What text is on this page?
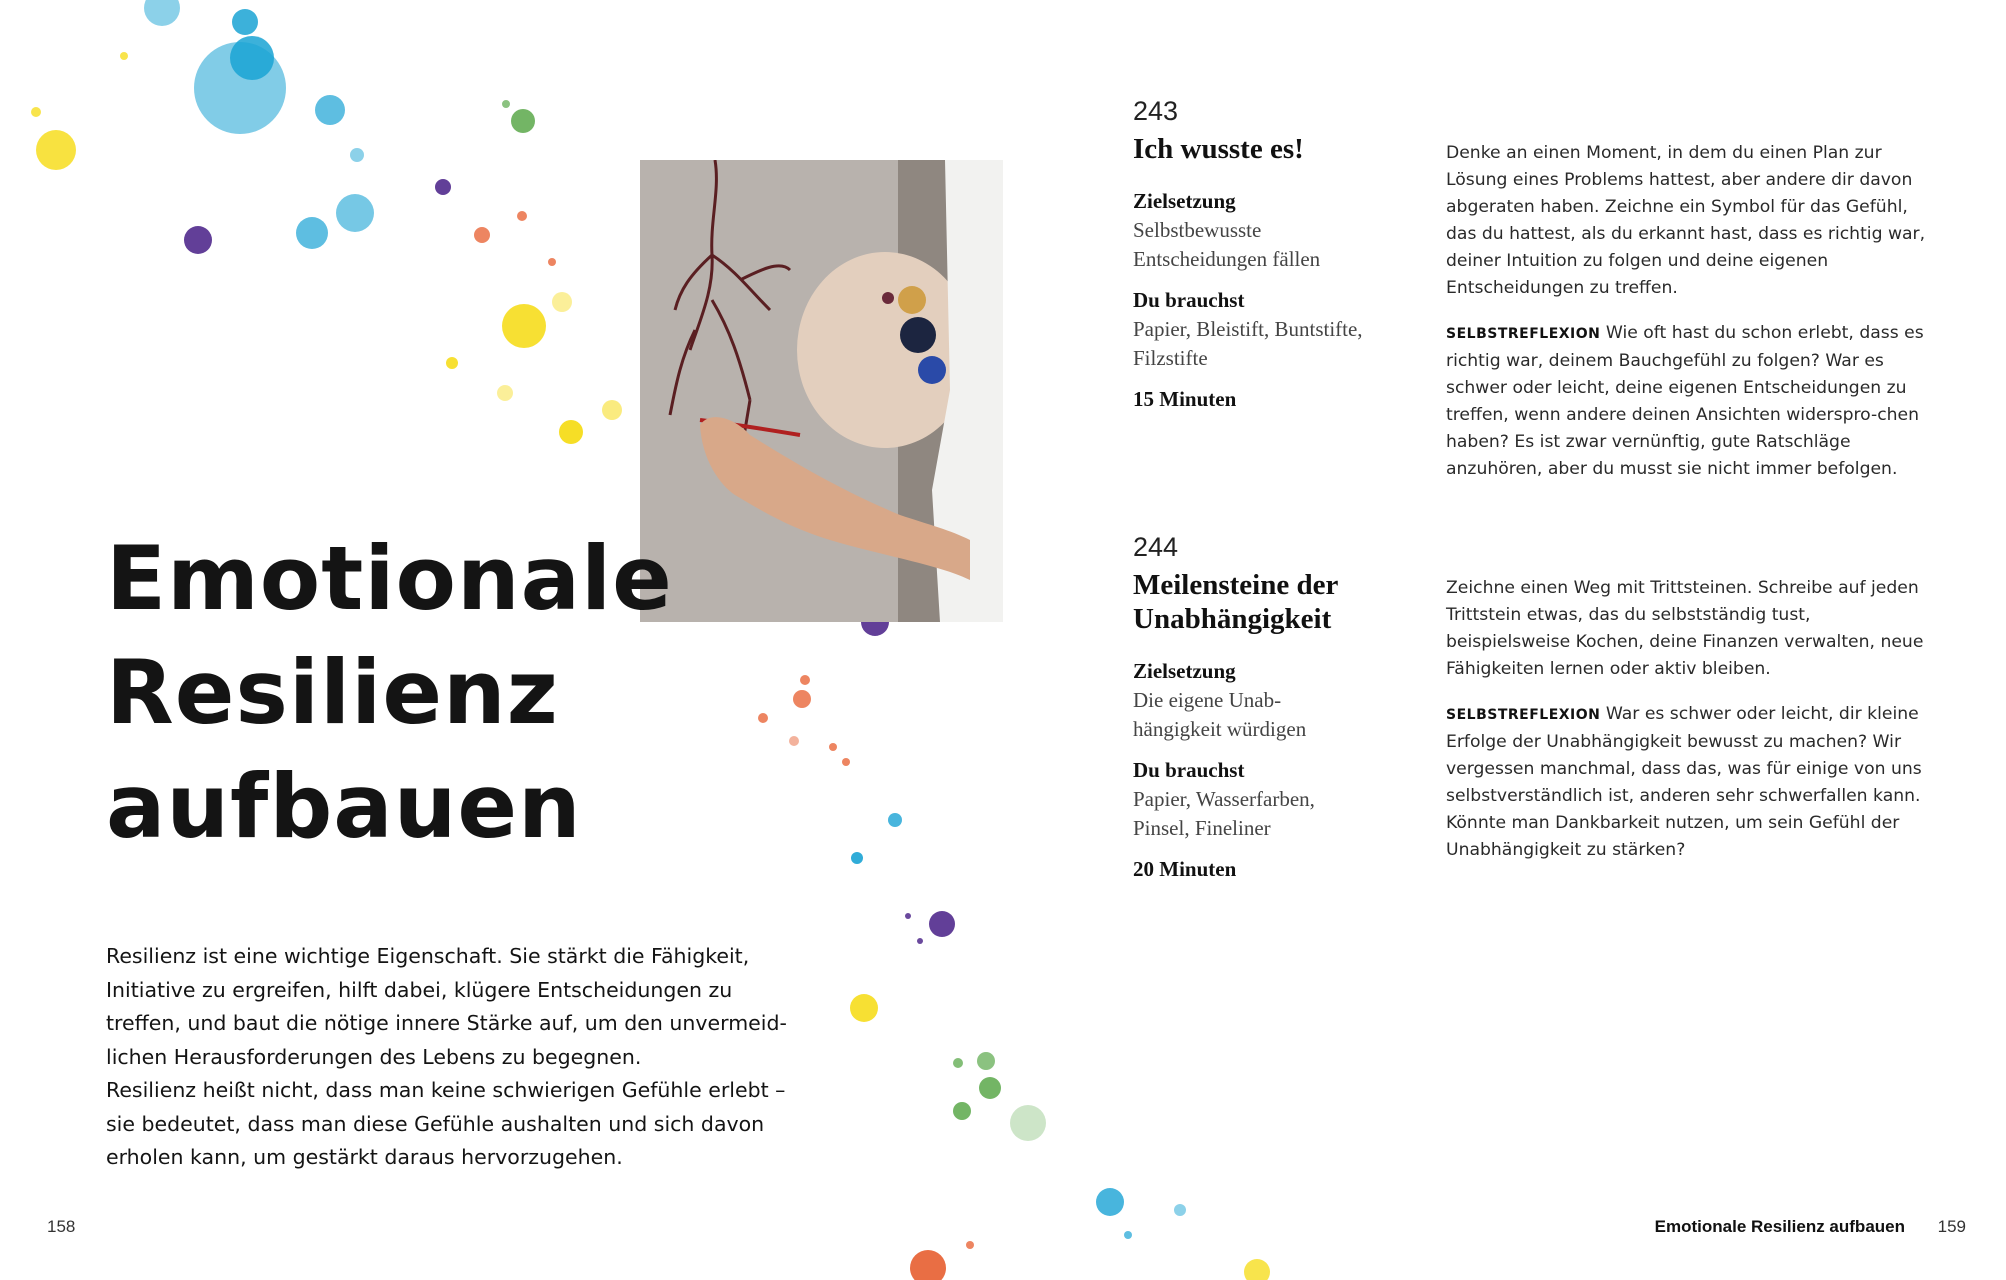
Emotionale
Resilienz
aufbauen

Resilienz ist eine wichtige Eigenschaft. Sie stärkt die Fähigkeit, Initiative zu ergreifen, hilft dabei, klügere Entscheidungen zu treffen, und baut die nötige innere Stärke auf, um den unvermeid-lichen Herausforderungen des Lebens zu begegnen.

Resilienz heißt nicht, dass man keine schwierigen Gefühle erlebt – sie bedeutet, dass man diese Gefühle aushalten und sich davon erholen kann, um gestärkt daraus hervorzugehen.

158
243
Ich wusste es!
Zielsetzung
Selbstbewusste Entscheidungen fällen
Du brauchst
Papier, Bleistift, Buntstifte, Filzstifte
15 Minuten

Denke an einen Moment, in dem du einen Plan zur Lösung eines Problems hattest, aber andere dir davon abgeraten haben. Zeichne ein Symbol für das Gefühl, das du hattest, als du erkannt hast, dass es richtig war, deiner Intuition zu folgen und deine eigenen Entscheidungen zu treffen.

SELBSTREFLEXION Wie oft hast du schon erlebt, dass es richtig war, deinem Bauchgefühl zu folgen? War es schwer oder leicht, deine eigenen Entscheidungen zu treffen, wenn andere deinen Ansichten widerspro-chen haben? Es ist zwar vernünftig, gute Ratschläge anzuhören, aber du musst sie nicht immer befolgen.

244
Meilensteine der
Unabhängigkeit
Zielsetzung
Die eigene Unab-hängigkeit würdigen
Du brauchst
Papier, Wasserfarben, Pinsel, Fineliner
20 Minuten

Zeichne einen Weg mit Trittsteinen. Schreibe auf jeden Trittstein etwas, das du selbstständig tust, beispielsweise Kochen, deine Finanzen verwalten, neue Fähigkeiten lernen oder aktiv bleiben.

SELBSTREFLEXION War es schwer oder leicht, dir kleine Erfolge der Unabhängigkeit bewusst zu machen? Wir vergessen manchmal, dass das, was für einige von uns selbstverständlich ist, anderen sehr schwerfallen kann. Könnte man Dankbarkeit nutzen, um sein Gefühl der Unabhängigkeit zu stärken?

Emotionale Resilienz aufbauen 159
